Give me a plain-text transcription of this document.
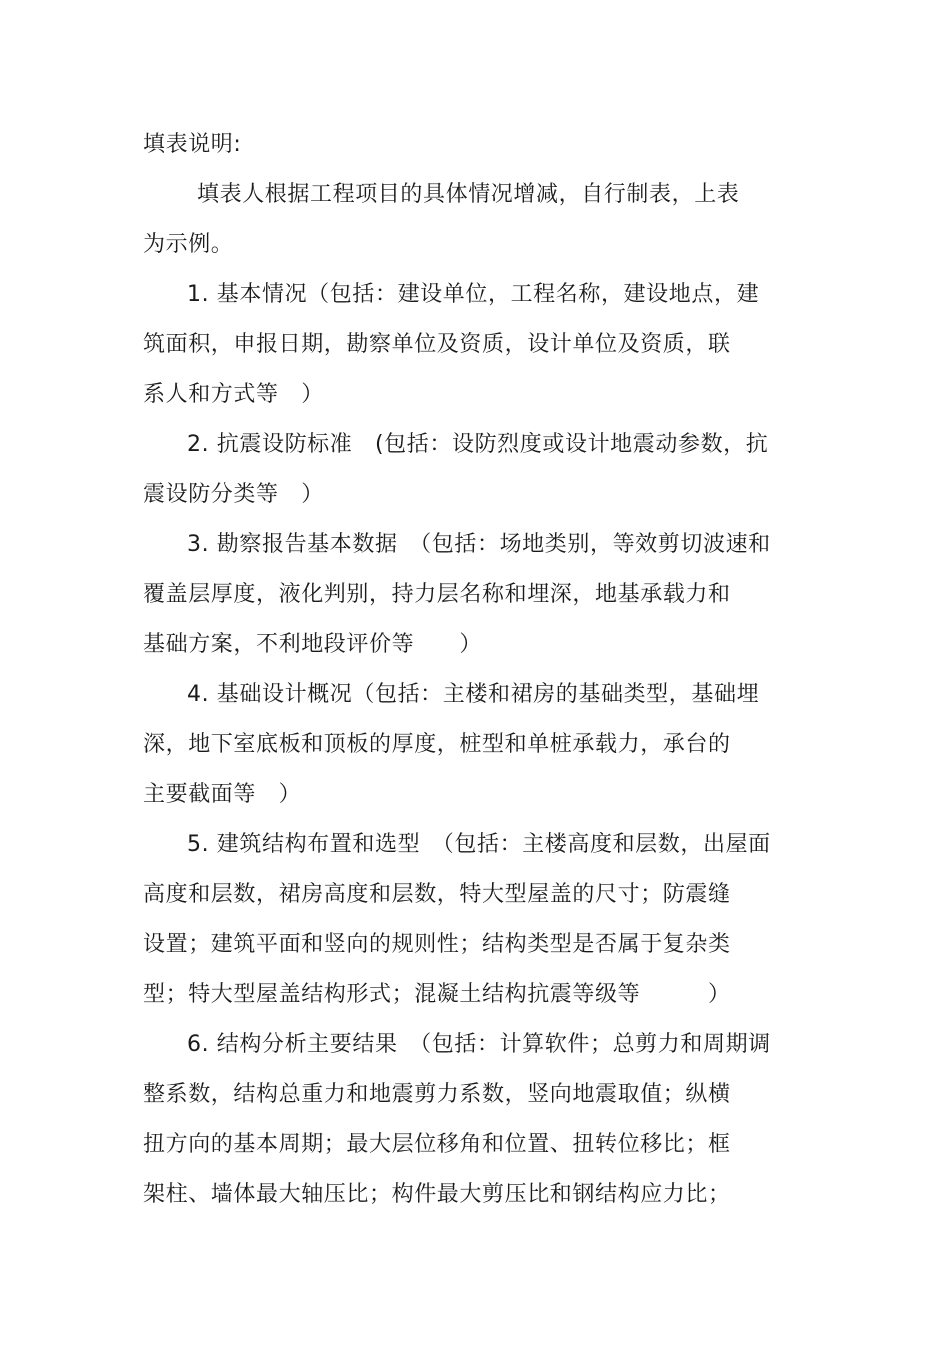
填表说明:
填表人根据工程项目的具体情况增减，自行制表，上表
为示例。
1. 基本情况（包括：建设单位，工程名称，建设地点，建
筑面积，申报日期，勘察单位及资质，设计单位及资质，联
系人和方式等　）
2. 抗震设防标准　(包括：设防烈度或设计地震动参数，抗
震设防分类等　）
3. 勘察报告基本数据　（包括：场地类别，等效剪切波速和
覆盖层厚度，液化判别，持力层名称和埋深，地基承载力和
基础方案，不利地段评价等　　）
4. 基础设计概况（包括：主楼和裙房的基础类型，基础埋
深，地下室底板和顶板的厚度，桩型和单桩承载力，承台的
主要截面等　）
5. 建筑结构布置和选型　（包括：主楼高度和层数，出屋面
高度和层数，裙房高度和层数，特大型屋盖的尺寸；防震缝
设置；建筑平面和竖向的规则性；结构类型是否属于复杂类
型；特大型屋盖结构形式；混凝土结构抗震等级等　　　）
6. 结构分析主要结果　（包括：计算软件；总剪力和周期调
整系数，结构总重力和地震剪力系数，竖向地震取值；纵横
扭方向的基本周期；最大层位移角和位置、扭转位移比；框
架柱、墙体最大轴压比；构件最大剪压比和钢结构应力比；
